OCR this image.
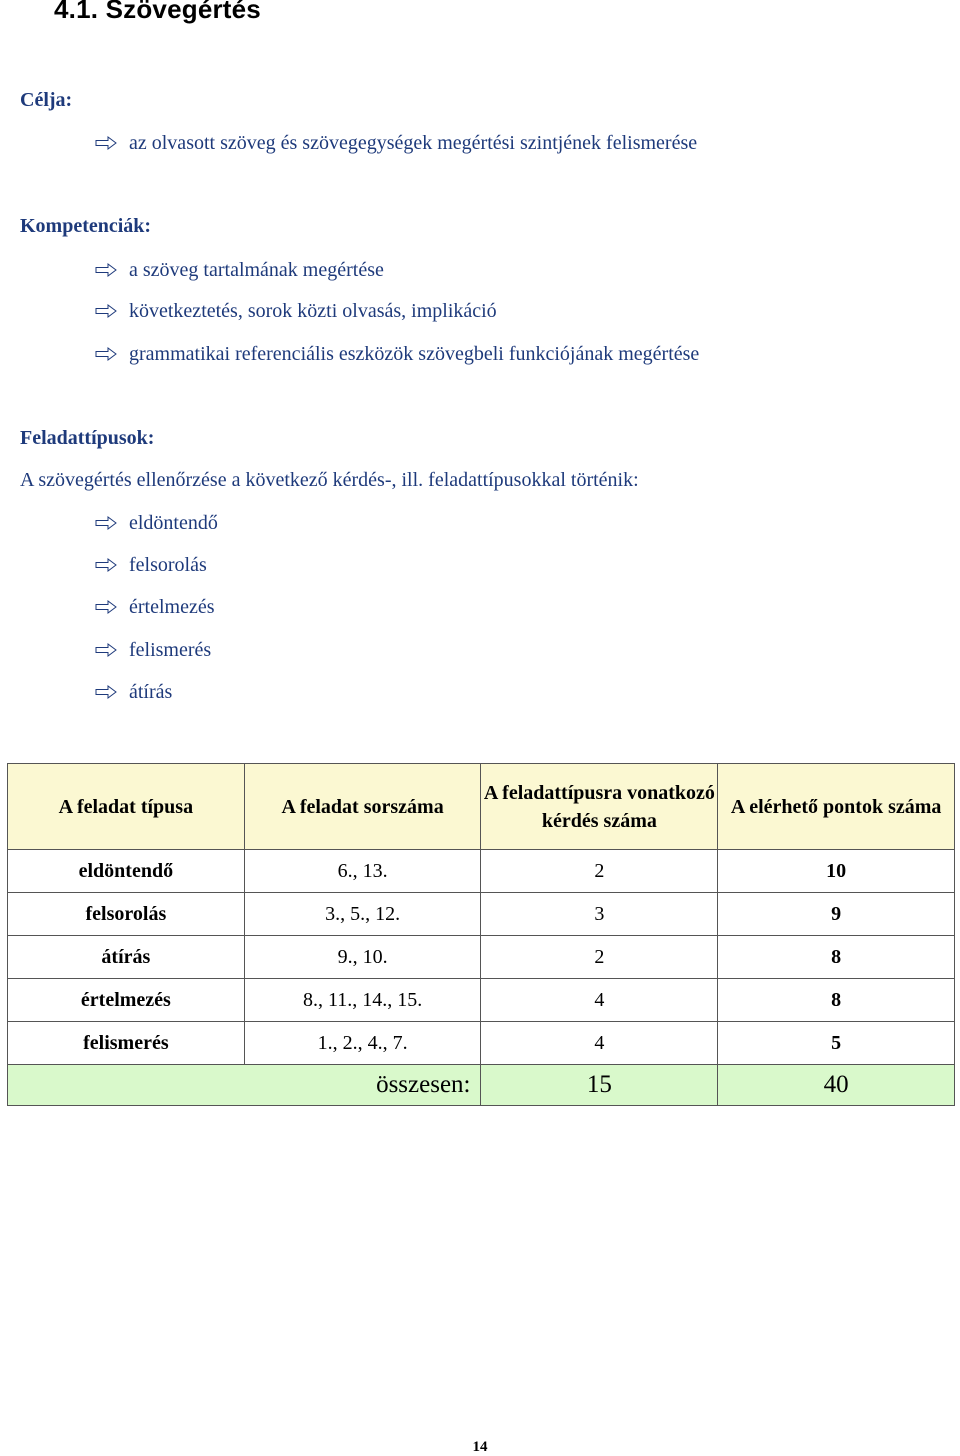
4.1. Szövegértés

Célja:

az olvasott szöveg és szövegegységek megértési szintjének felismerése

Kompetenciák:

a szöveg tartalmának megértése
következtetés, sorok közti olvasás, implikáció
grammatikai referenciális eszközök szövegbeli funkciójának megértése

Feladattípusok:

A szövegértés ellenőrzése a következő kérdés-, ill. feladattípusokkal történik:

eldöntendő
felsorolás
értelmezés
felismerés
átírás
A feladat típusa	A feladat sorszáma	A feladattípusra vonatkozó kérdés száma	A elérhető pontok száma
eldöntendő	6., 13.	2	10
felsorolás	3., 5., 12.	3	9
átírás	9., 10.	2	8
értelmezés	8., 11., 14., 15.	4	8
felismerés	1., 2., 4., 7.	4	5
	összesen:	15	40
14
